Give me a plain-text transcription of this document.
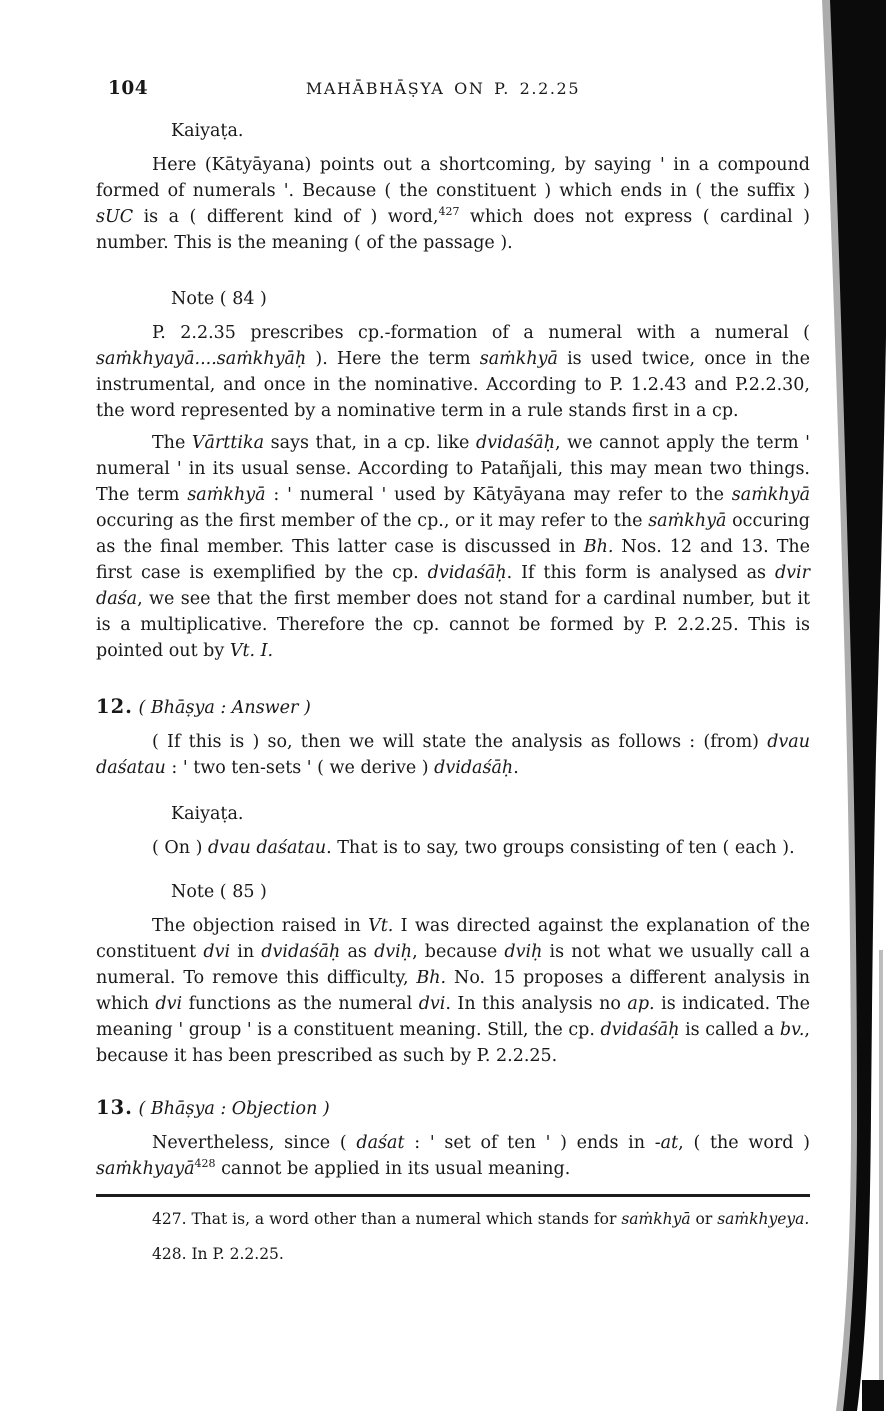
104	MAHĀBHĀṢYA ON P. 2.2.25

Kaiyaṭa.

Here (Kātyāyana) points out a shortcoming, by saying ' in a compound formed of numerals '. Because ( the constituent ) which ends in ( the suffix ) sUC is a ( different kind of ) word,$^{427}$ which does not express ( cardinal ) number. This is the meaning ( of the passage ).

Note ( 84 )

P. 2.2.35 prescribes cp.-formation of a numeral with a numeral ( saṁkhyayā....saṁkhyāḥ ). Here the term saṁkhyā is used twice, once in the instrumental, and once in the nominative. According to P. 1.2.43 and P.2.2.30, the word represented by a nominative term in a rule stands first in a cp.

The Vārttika says that, in a cp. like dvidaśāḥ, we cannot apply the term ' numeral ' in its usual sense. According to Patañjali, this may mean two things. The term saṁkhyā : ' numeral ' used by Kātyāyana may refer to the saṁkhyā occuring as the first member of the cp., or it may refer to the saṁkhyā occuring as the final member. This latter case is discussed in Bh. Nos. 12 and 13. The first case is exemplified by the cp. dvidaśāḥ. If this form is analysed as dvir daśa, we see that the first member does not stand for a cardinal number, but it is a multiplicative. Therefore the cp. cannot be formed by P. 2.2.25. This is pointed out by Vt. I.

12. ( Bhāṣya : Answer )

( If this is ) so, then we will state the analysis as follows : (from) dvau daśatau : ' two ten-sets ' ( we derive ) dvidaśāḥ.

Kaiyaṭa.

( On ) dvau daśatau. That is to say, two groups consisting of ten ( each ).

Note ( 85 )

The objection raised in Vt. I was directed against the explanation of the constituent dvi in dvidaśāḥ as dviḥ, because dviḥ is not what we usually call a numeral. To remove this difficulty, Bh. No. 15 proposes a different analysis in which dvi functions as the numeral dvi. In this analysis no ap. is indicated. The meaning ' group ' is a constituent meaning. Still, the cp. dvidaśāḥ is called a bv., because it has been prescribed as such by P. 2.2.25.

13. ( Bhāṣya : Objection )

Nevertheless, since ( daśat : ' set of ten ' ) ends in -at, ( the word ) saṁkhyayā$^{428}$ cannot be applied in its usual meaning.

427. That is, a word other than a numeral which stands for saṁkhyā or saṁkhyeya.

428. In P. 2.2.25.
